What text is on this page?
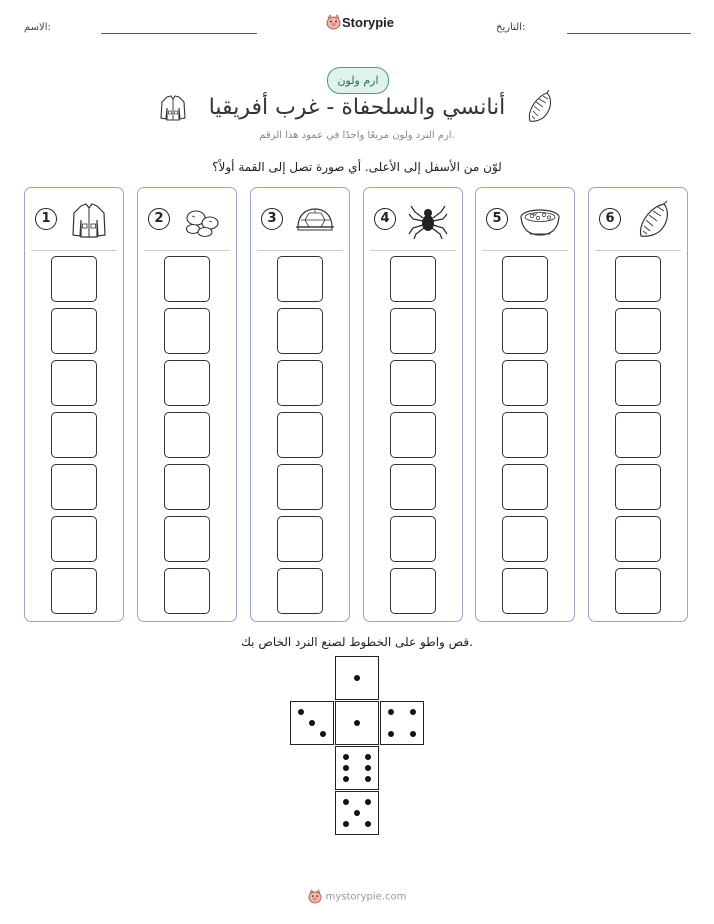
الاسم:	Storypie	التاريخ:
ارم ولون
أنانسي والسلحفاة - غرب أفريقيا
ارم النرد ولون مربعًا واحدًا في عمود هذا الرقم.
لوّن من الأسفل إلى الأعلى. أي صورة تصل إلى القمة أولاً؟
1	2	3	4	5	6
قص واطو على الخطوط لصنع النرد الخاص بك.
mystorypie.com
